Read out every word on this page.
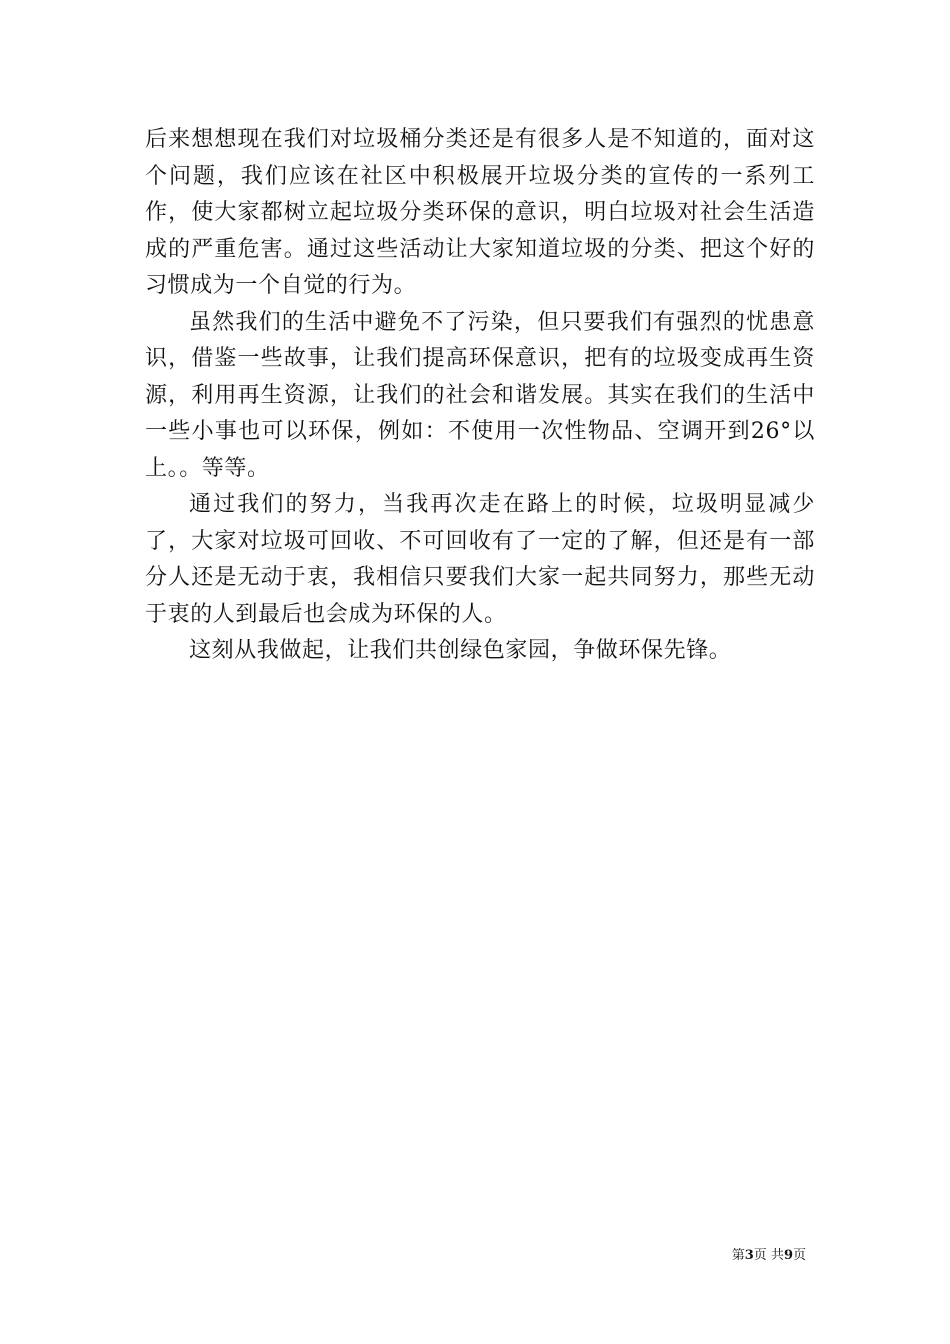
后来想想现在我们对垃圾桶分类还是有很多人是不知道的，面对这个问题，我们应该在社区中积极展开垃圾分类的宣传的一系列工作，使大家都树立起垃圾分类环保的意识，明白垃圾对社会生活造成的严重危害。通过这些活动让大家知道垃圾的分类、把这个好的习惯成为一个自觉的行为。

虽然我们的生活中避免不了污染，但只要我们有强烈的忧患意识，借鉴一些故事，让我们提高环保意识，把有的垃圾变成再生资源，利用再生资源，让我们的社会和谐发展。其实在我们的生活中一些小事也可以环保，例如：不使用一次性物品、空调开到26°以上。。等等。

通过我们的努力，当我再次走在路上的时候，垃圾明显减少了，大家对垃圾可回收、不可回收有了一定的了解，但还是有一部分人还是无动于衷，我相信只要我们大家一起共同努力，那些无动于衷的人到最后也会成为环保的人。

这刻从我做起，让我们共创绿色家园，争做环保先锋。

第3页 共9页
